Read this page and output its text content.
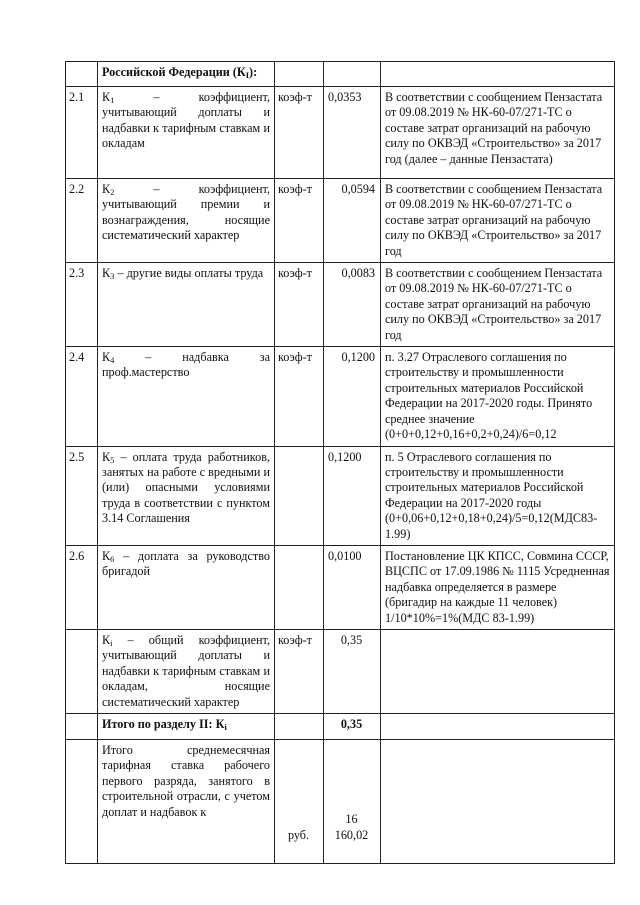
	Российской Федерации $(К_I)$:			
2.1	$К_1$ – коэффициент, учитывающий доплаты и надбавки к тарифным ставкам и окладам	коэф-т	0,0353	В соответствии с сообщением Пензастата от 09.08.2019 № НК-60-07/271-ТС о составе затрат организаций на рабочую силу по ОКВЭД «Строительство» за 2017 год (далее – данные Пензастата)
2.2	$К_2$ – коэффициент, учитывающий премии и вознаграждения, носящие систематический характер	коэф-т	0,0594	В соответствии с сообщением Пензастата от 09.08.2019 № НК-60-07/271-ТС о составе затрат организаций на рабочую силу по ОКВЭД «Строительство» за 2017 год
2.3	$К_3$ – другие виды оплаты труда	коэф-т	0,0083	В соответствии с сообщением Пензастата от 09.08.2019 № НК-60-07/271-ТС о составе затрат организаций на рабочую силу по ОКВЭД «Строительство» за 2017 год
2.4	$К_4$ – надбавка за проф.мастерство	коэф-т	0,1200	п. 3.27 Отраслевого соглашения по строительству и промышленности строительных материалов Российской Федерации на 2017-2020 годы. Принято среднее значение (0+0+0,12+0,16+0,2+0,24)/6=0,12
2.5	$К_5$ – оплата труда работников, занятых на работе с вредными и (или) опасными условиями труда в соответствии с пунктом 3.14 Соглашения		0,1200	п. 5 Отраслевого соглашения по строительству и промышленности строительных материалов Российской Федерации на 2017-2020 годы (0+0,06+0,12+0,18+0,24)/5=0,12(МДС83-1.99)
2.6	$К_6$ – доплата за руководство бригадой		0,0100	Постановление ЦК КПСС, Совмина СССР, ВЦСПС от 17.09.1986 № 1115 Усредненная надбавка определяется в размере (бригадир на каждые 11 человек) 1/10*10%=1%(МДС 83-1.99)
	$К_i$ – общий коэффициент, учитывающий доплаты и надбавки к тарифным ставкам и окладам, носящие систематический характер	коэф-т	0,35	
	Итого по разделу II: $К_i$		0,35	
	Итого среднемесячная тарифная ставка рабочего первого разряда, занятого в строительной отрасли, с учетом доплат и надбавок к	руб.	16 160,02	
